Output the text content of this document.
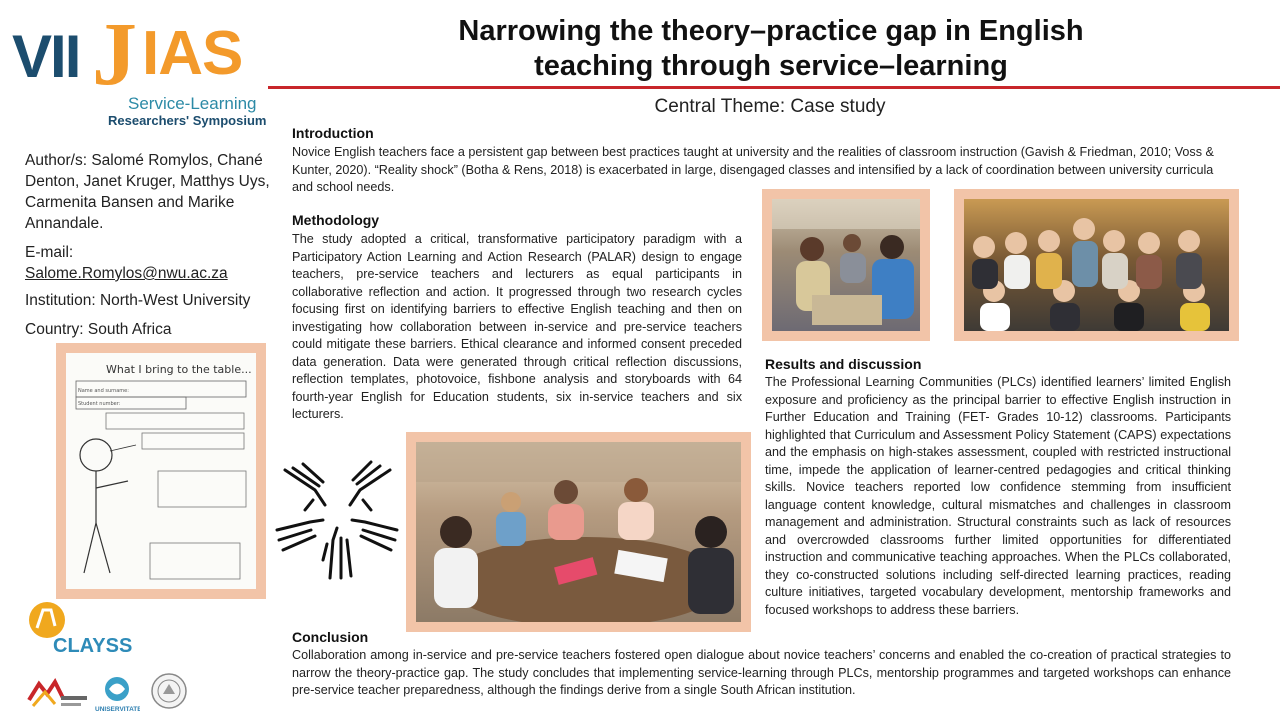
VII J IAS
Service-Learning
Researchers' Symposium
Narrowing the theory–practice gap in English teaching through service–learning
Central Theme: Case study

Author/s: Salomé Romylos, Chané Denton, Janet Kruger, Matthys Uys, Carmenita Bansen and Marike Annandale.

E-mail:
Salome.Romylos@nwu.ac.za

Institution: North-West University

Country: South Africa

Introduction
Novice English teachers face a persistent gap between best practices taught at university and the realities of classroom instruction (Gavish & Friedman, 2010; Voss & Kunter, 2020). “Reality shock” (Botha & Rens, 2018) is exacerbated in large, disengaged classes and intensified by a lack of coordination between university curricula and school needs.
Methodology
The study adopted a critical, transformative participatory paradigm with a Participatory Action Learning and Action Research (PALAR) design to engage teachers, pre-service teachers and lecturers as equal participants in collaborative reflection and action. It progressed through two research cycles focusing first on identifying barriers to effective English teaching and then on investigating how collaboration between in-service and pre-service teachers could mitigate these barriers. Ethical clearance and informed consent preceded data generation. Data were generated through critical reflection discussions, reflection templates, photovoice, fishbone analysis and storyboards with 64 fourth-year English for Education students, six in-service teachers and six lecturers.
Results and discussion
The Professional Learning Communities (PLCs) identified learners’ limited English exposure and proficiency as the principal barrier to effective English instruction in Further Education and Training (FET- Grades 10-12) classrooms. Participants highlighted that Curriculum and Assessment Policy Statement (CAPS) expectations and the emphasis on high-stakes assessment, coupled with restricted instructional time, impede the application of learner-centred pedagogies and critical thinking skills. Novice teachers reported low confidence stemming from insufficient language content knowledge, cultural mismatches and challenges in classroom management and administration. Structural constraints such as lack of resources and overcrowded classrooms further limited opportunities for differentiated instruction and communicative teaching approaches. When the PLCs collaborated, they co-constructed solutions including self-directed learning practices, reading culture initiatives, targeted vocabulary development, mentorship frameworks and focused workshops to address these barriers.
Conclusion
Collaboration among in-service and pre-service teachers fostered open dialogue about novice teachers’ concerns and enabled the co-creation of practical strategies to narrow the theory-practice gap. The study concludes that implementing service-learning through PLCs, mentorship programmes and targeted workshops can enhance pre-service teacher preparedness, although the findings derive from a single South African institution.
What I bring to the table...
Name and surname:
Student number:
CLAYSS
UNISERVITATE
